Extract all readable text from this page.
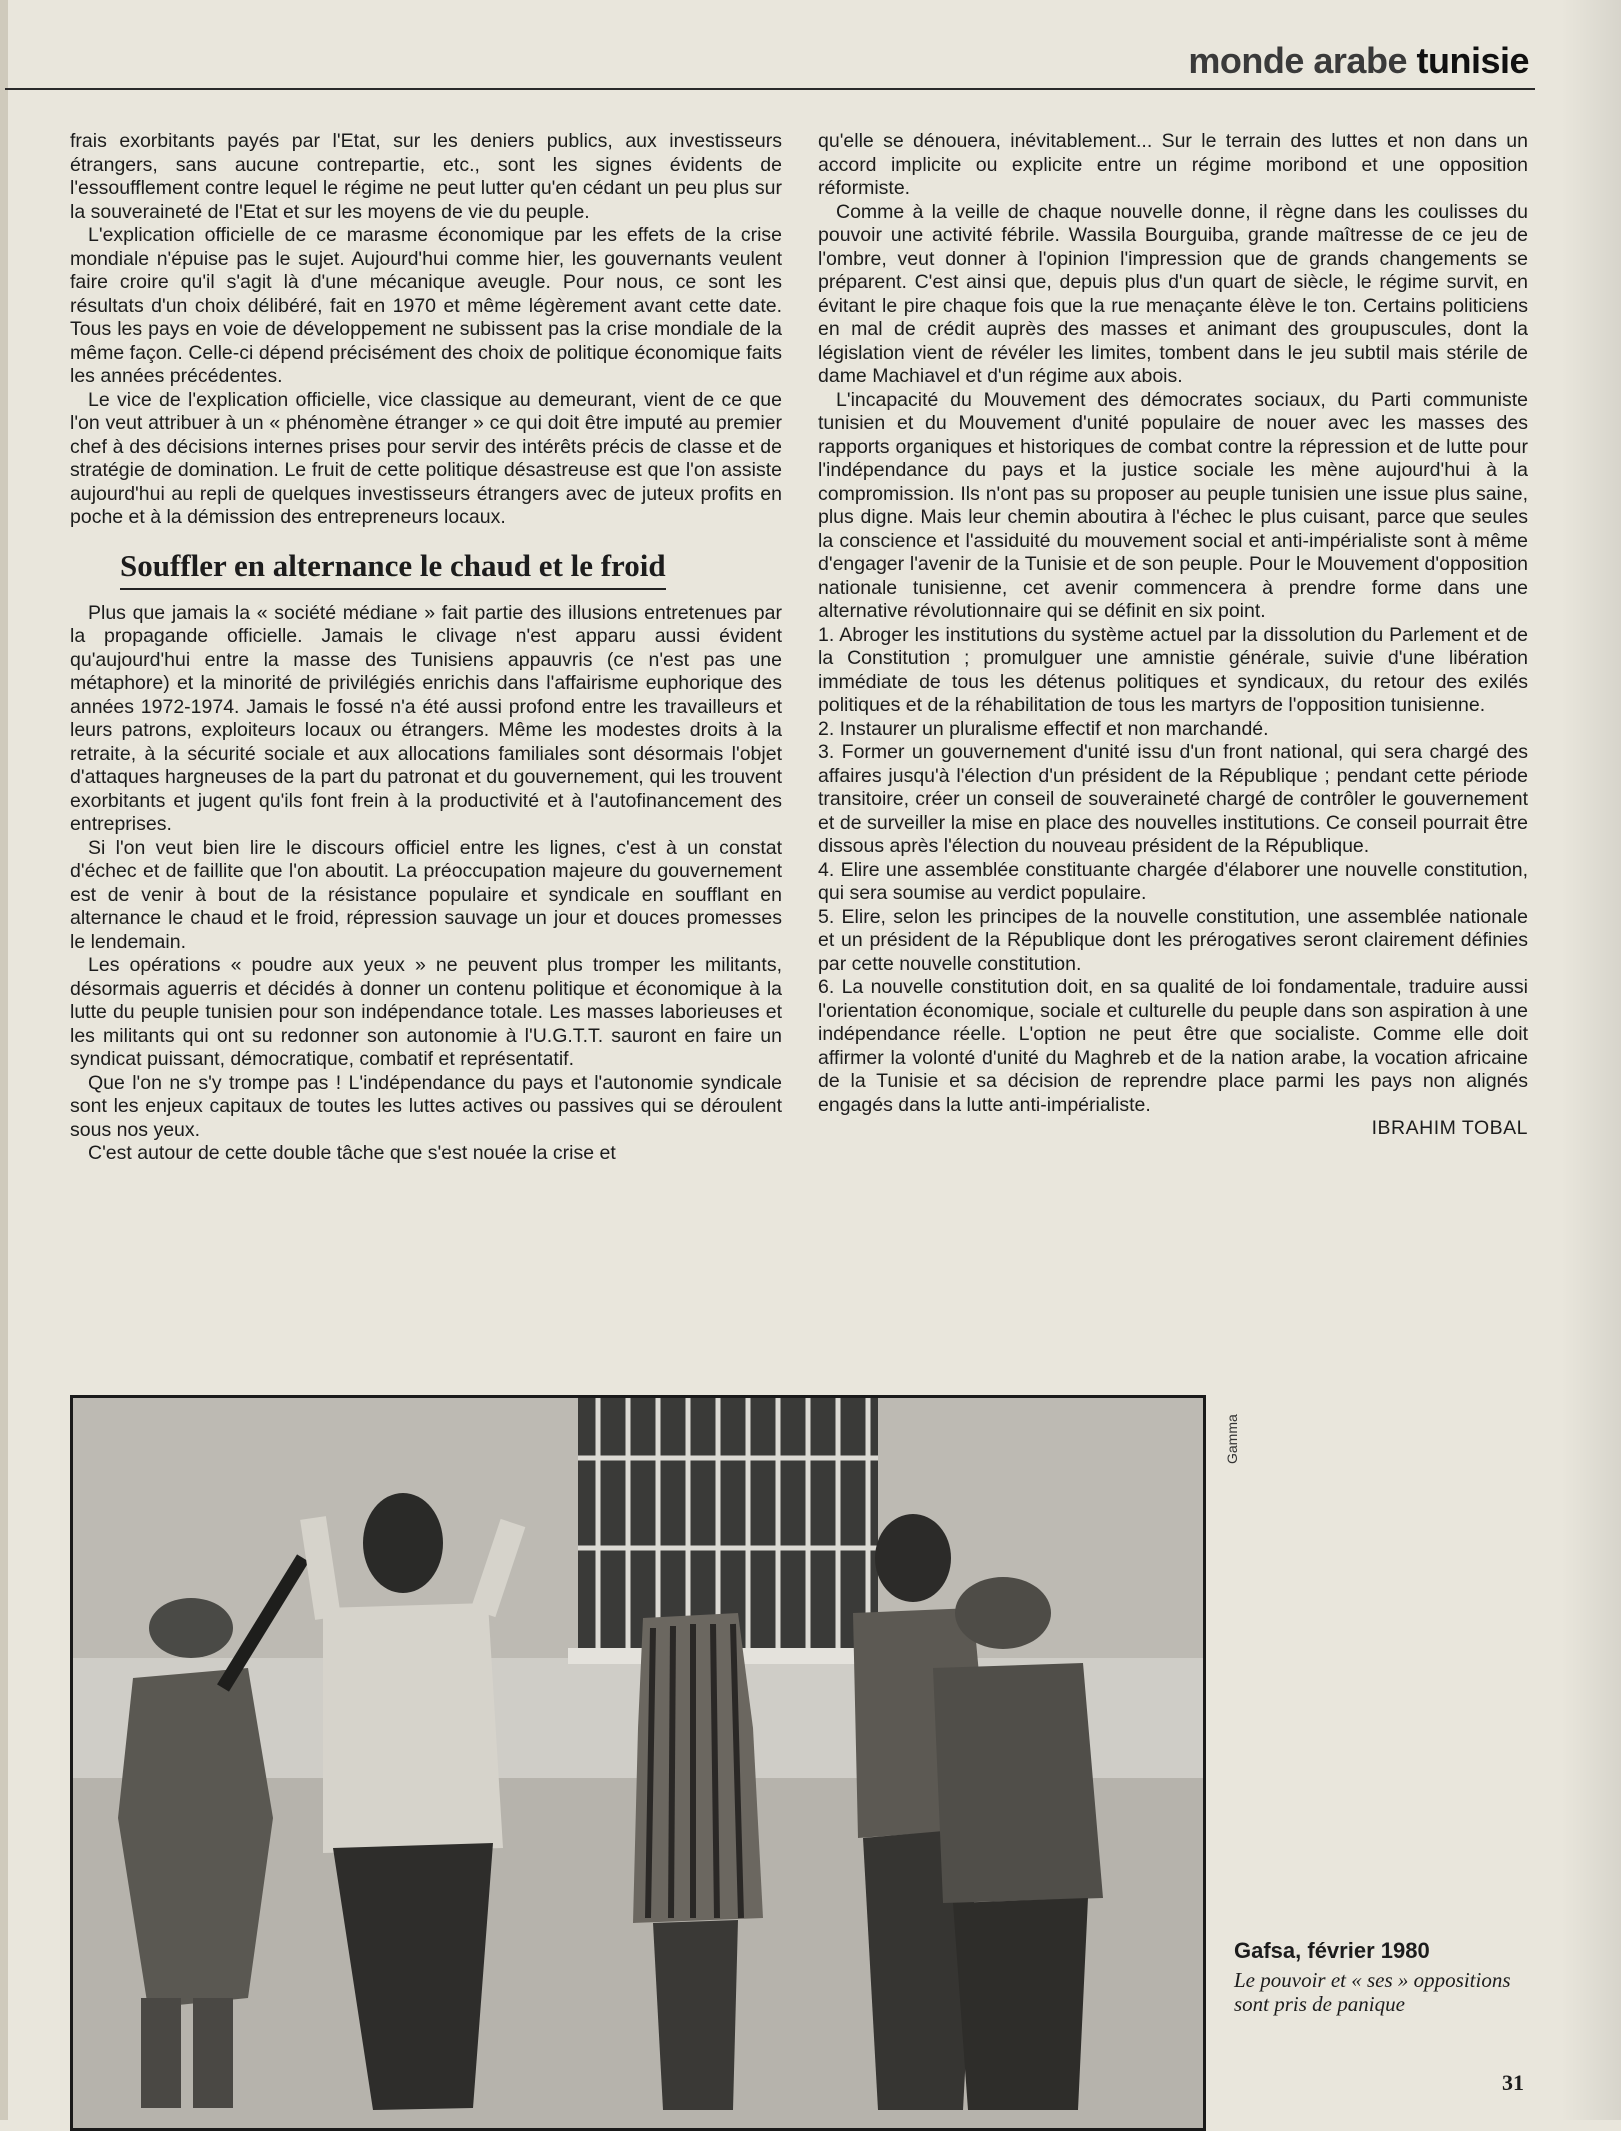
monde arabe tunisie

frais exorbitants payés par l'Etat, sur les deniers publics, aux investisseurs étrangers, sans aucune contrepartie, etc., sont les signes évidents de l'essoufflement contre lequel le régime ne peut lutter qu'en cédant un peu plus sur la souveraineté de l'Etat et sur les moyens de vie du peuple.

L'explication officielle de ce marasme économique par les effets de la crise mondiale n'épuise pas le sujet. Aujourd'hui comme hier, les gouvernants veulent faire croire qu'il s'agit là d'une mécanique aveugle. Pour nous, ce sont les résultats d'un choix délibéré, fait en 1970 et même légèrement avant cette date. Tous les pays en voie de développement ne subissent pas la crise mondiale de la même façon. Celle-ci dépend précisément des choix de politique économique faits les années précédentes.

Le vice de l'explication officielle, vice classique au demeurant, vient de ce que l'on veut attribuer à un « phénomène étranger » ce qui doit être imputé au premier chef à des décisions internes prises pour servir des intérêts précis de classe et de stratégie de domination. Le fruit de cette politique désastreuse est que l'on assiste aujourd'hui au repli de quelques investisseurs étrangers avec de juteux profits en poche et à la démission des entrepreneurs locaux.

Souffler en alternance le chaud et le froid

Plus que jamais la « société médiane » fait partie des illusions entretenues par la propagande officielle. Jamais le clivage n'est apparu aussi évident qu'aujourd'hui entre la masse des Tunisiens appauvris (ce n'est pas une métaphore) et la minorité de privilégiés enrichis dans l'affairisme euphorique des années 1972-1974. Jamais le fossé n'a été aussi profond entre les travailleurs et leurs patrons, exploiteurs locaux ou étrangers. Même les modestes droits à la retraite, à la sécurité sociale et aux allocations familiales sont désormais l'objet d'attaques hargneuses de la part du patronat et du gouvernement, qui les trouvent exorbitants et jugent qu'ils font frein à la productivité et à l'autofinancement des entreprises.

Si l'on veut bien lire le discours officiel entre les lignes, c'est à un constat d'échec et de faillite que l'on aboutit. La préoccupation majeure du gouvernement est de venir à bout de la résistance populaire et syndicale en soufflant en alternance le chaud et le froid, répression sauvage un jour et douces promesses le lendemain.

Les opérations « poudre aux yeux » ne peuvent plus tromper les militants, désormais aguerris et décidés à donner un contenu politique et économique à la lutte du peuple tunisien pour son indépendance totale. Les masses laborieuses et les militants qui ont su redonner son autonomie à l'U.G.T.T. sauront en faire un syndicat puissant, démocratique, combatif et représentatif.

Que l'on ne s'y trompe pas ! L'indépendance du pays et l'autonomie syndicale sont les enjeux capitaux de toutes les luttes actives ou passives qui se déroulent sous nos yeux.

C'est autour de cette double tâche que s'est nouée la crise et

qu'elle se dénouera, inévitablement... Sur le terrain des luttes et non dans un accord implicite ou explicite entre un régime moribond et une opposition réformiste.

Comme à la veille de chaque nouvelle donne, il règne dans les coulisses du pouvoir une activité fébrile. Wassila Bourguiba, grande maîtresse de ce jeu de l'ombre, veut donner à l'opinion l'impression que de grands changements se préparent. C'est ainsi que, depuis plus d'un quart de siècle, le régime survit, en évitant le pire chaque fois que la rue menaçante élève le ton. Certains politiciens en mal de crédit auprès des masses et animant des groupuscules, dont la législation vient de révéler les limites, tombent dans le jeu subtil mais stérile de dame Machiavel et d'un régime aux abois.

L'incapacité du Mouvement des démocrates sociaux, du Parti communiste tunisien et du Mouvement d'unité populaire de nouer avec les masses des rapports organiques et historiques de combat contre la répression et de lutte pour l'indépendance du pays et la justice sociale les mène aujourd'hui à la compromission. Ils n'ont pas su proposer au peuple tunisien une issue plus saine, plus digne. Mais leur chemin aboutira à l'échec le plus cuisant, parce que seules la conscience et l'assiduité du mouvement social et anti-impérialiste sont à même d'engager l'avenir de la Tunisie et de son peuple. Pour le Mouvement d'opposition nationale tunisienne, cet avenir commencera à prendre forme dans une alternative révolutionnaire qui se définit en six point.

1. Abroger les institutions du système actuel par la dissolution du Parlement et de la Constitution ; promulguer une amnistie générale, suivie d'une libération immédiate de tous les détenus politiques et syndicaux, du retour des exilés politiques et de la réhabilitation de tous les martyrs de l'opposition tunisienne.

2. Instaurer un pluralisme effectif et non marchandé.

3. Former un gouvernement d'unité issu d'un front national, qui sera chargé des affaires jusqu'à l'élection d'un président de la République ; pendant cette période transitoire, créer un conseil de souveraineté chargé de contrôler le gouvernement et de surveiller la mise en place des nouvelles institutions. Ce conseil pourrait être dissous après l'élection du nouveau président de la République.

4. Elire une assemblée constituante chargée d'élaborer une nouvelle constitution, qui sera soumise au verdict populaire.

5. Elire, selon les principes de la nouvelle constitution, une assemblée nationale et un président de la République dont les prérogatives seront clairement définies par cette nouvelle constitution.

6. La nouvelle constitution doit, en sa qualité de loi fondamentale, traduire aussi l'orientation économique, sociale et culturelle du peuple dans son aspiration à une indépendance réelle. L'option ne peut être que socialiste. Comme elle doit affirmer la volonté d'unité du Maghreb et de la nation arabe, la vocation africaine de la Tunisie et sa décision de reprendre place parmi les pays non alignés engagés dans la lutte anti-impérialiste.

IBRAHIM TOBAL

Gamma
Gafsa, février 1980
Le pouvoir et « ses » oppositions sont pris de panique
31
